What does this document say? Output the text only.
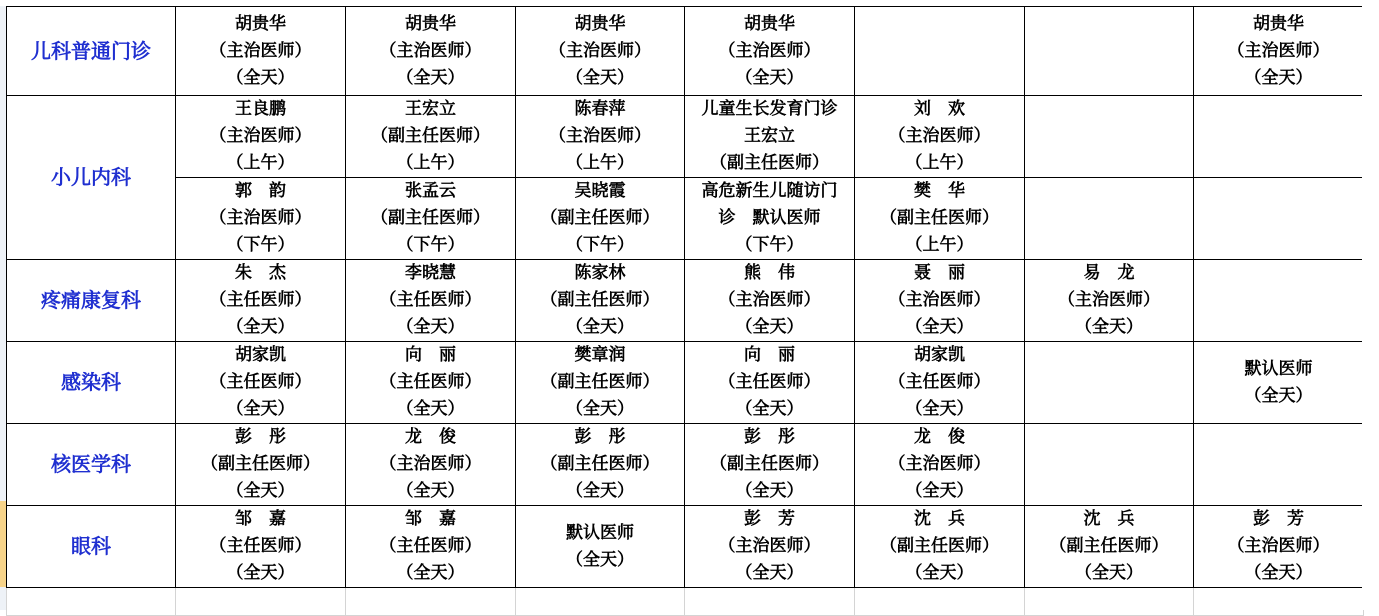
儿科普通门诊	胡贵华
（主治医师）
（全天）	胡贵华
（主治医师）
（全天）	胡贵华
（主治医师）
（全天）	胡贵华
（主治医师）
（全天）			胡贵华
（主治医师）
（全天）

小儿内科	王良鹏
（主治医师）
（上午）	王宏立
（副主任医师）
（上午）	陈春萍
（主治医师）
（上午）	儿童生长发育门诊
王宏立
（副主任医师）	刘　欢
（主治医师）
（上午）		

	郭　韵
（主治医师）
（下午）	张孟云
（副主任医师）
（下午）	吴晓霞
（副主任医师）
（下午）	高危新生儿随访门
诊　默认医师
（下午）	樊　华
（副主任医师）
（上午）		

疼痛康复科	朱　杰
（主任医师）
（全天）	李晓慧
（主任医师）
（全天）	陈家林
（副主任医师）
（全天）	熊　伟
（主治医师）
（全天）	聂　丽
（主治医师）
（全天）	易　龙
（主治医师）
（全天）	

感染科	胡家凯
（主任医师）
（全天）	向　丽
（主任医师）
（全天）	樊章润
（副主任医师）
（全天）	向　丽
（主任医师）
（全天）	胡家凯
（主任医师）
（全天）		默认医师
（全天）

核医学科	彭　彤
（副主任医师）
（全天）	龙　俊
（主治医师）
（全天）	彭　彤
（副主任医师）
（全天）	彭　彤
（副主任医师）
（全天）	龙　俊
（主治医师）
（全天）		

眼科	邹　嘉
（主任医师）
（全天）	邹　嘉
（主任医师）
（全天）	默认医师
（全天）	彭　芳
（主治医师）
（全天）	沈　兵
（副主任医师）
（全天）	沈　兵
（副主任医师）
（全天）	彭　芳
（主治医师）
（全天）
